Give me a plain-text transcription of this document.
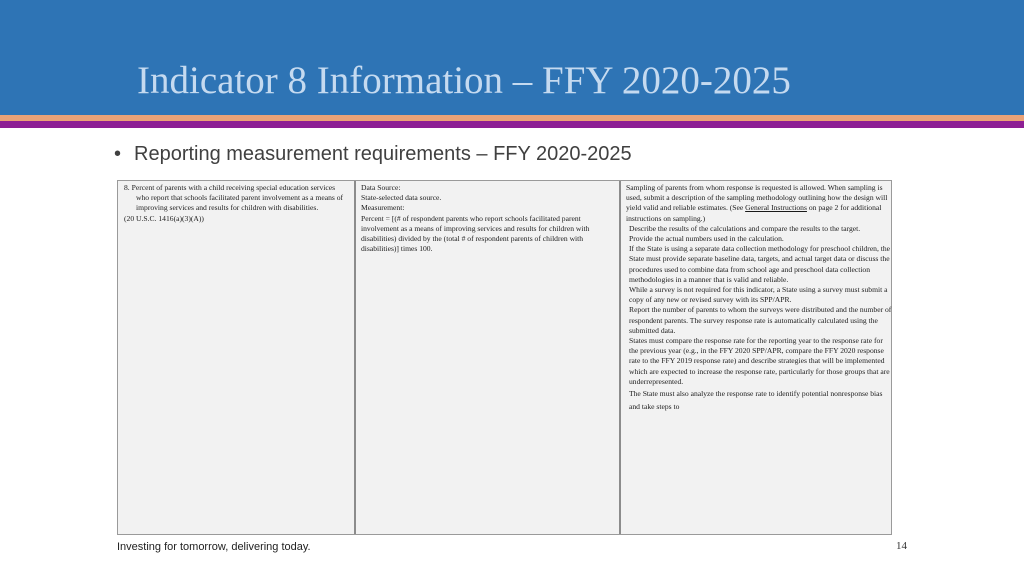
Indicator 8 Information – FFY 2020-2025
• Reporting measurement requirements – FFY 2020-2025

8. Percent of parents with a child receiving special education services who report that schools facilitated parent involvement as a means of improving services and results for children with disabilities.

(20 U.S.C. 1416(a)(3)(A))

Data Source:

State-selected data source.

Measurement:

Percent = [(# of respondent parents who report schools facilitated parent involvement as a means of improving services and results for children with disabilities) divided by the (total # of respondent parents of children with disabilities)] times 100.

Sampling of parents from whom response is requested is allowed. When sampling is used, submit a description of the sampling methodology outlining how the design will yield valid and reliable estimates. (See General Instructions on page 2 for additional instructions on sampling.)

Describe the results of the calculations and compare the results to the target.

Provide the actual numbers used in the calculation.

If the State is using a separate data collection methodology for preschool children, the State must provide separate baseline data, targets, and actual target data or discuss the procedures used to combine data from school age and preschool data collection methodologies in a manner that is valid and reliable.

While a survey is not required for this indicator, a State using a survey must submit a copy of any new or revised survey with its SPP/APR.

Report the number of parents to whom the surveys were distributed and the number of respondent parents. The survey response rate is automatically calculated using the submitted data.

States must compare the response rate for the reporting year to the response rate for the previous year (e.g., in the FFY 2020 SPP/APR, compare the FFY 2020 response rate to the FFY 2019 response rate) and describe strategies that will be implemented which are expected to increase the response rate, particularly for those groups that are underrepresented.

The State must also analyze the response rate to identify potential nonresponse bias and take steps to

Investing for tomorrow, delivering today.	14
